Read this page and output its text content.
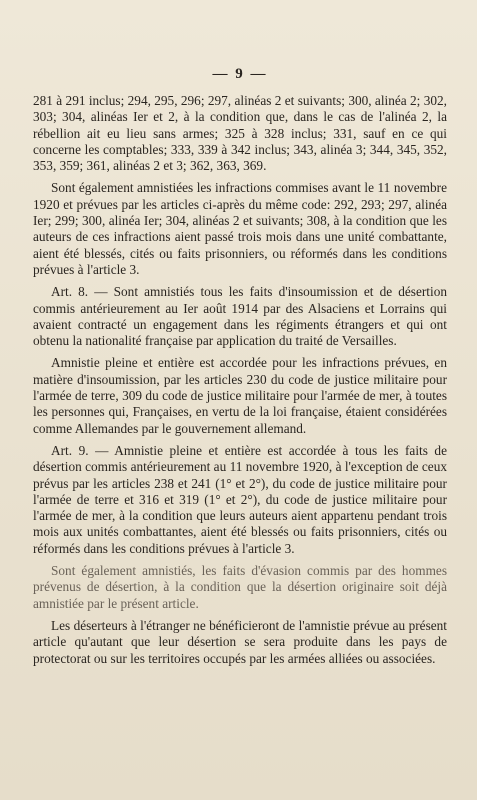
— 9 —

281 à 291 inclus; 294, 295, 296; 297, alinéas 2 et suivants; 300, alinéa 2; 302, 303; 304, alinéas Ier et 2, à la condition que, dans le cas de l'alinéa 2, la rébellion ait eu lieu sans armes; 325 à 328 inclus; 331, sauf en ce qui concerne les comptables; 333, 339 à 342 inclus; 343, alinéa 3; 344, 345, 352, 353, 359; 361, alinéas 2 et 3; 362, 363, 369.

Sont également amnistiées les infractions commises avant le 11 novembre 1920 et prévues par les articles ci-après du même code: 292, 293; 297, alinéa Ier; 299; 300, alinéa Ier; 304, alinéas 2 et suivants; 308, à la condition que les auteurs de ces infractions aient passé trois mois dans une unité combattante, aient été blessés, cités ou faits prisonniers, ou réformés dans les conditions prévues à l'article 3.

Art. 8. — Sont amnistiés tous les faits d'insoumission et de désertion commis antérieurement au Ier août 1914 par des Alsaciens et Lorrains qui avaient contracté un engagement dans les régiments étrangers et qui ont obtenu la nationalité française par application du traité de Versailles.

Amnistie pleine et entière est accordée pour les infractions prévues, en matière d'insoumission, par les articles 230 du code de justice militaire pour l'armée de terre, 309 du code de justice militaire pour l'armée de mer, à toutes les personnes qui, Françaises, en vertu de la loi française, étaient considérées comme Allemandes par le gouvernement allemand.

Art. 9. — Amnistie pleine et entière est accordée à tous les faits de désertion commis antérieurement au 11 novembre 1920, à l'exception de ceux prévus par les articles 238 et 241 (1° et 2°), du code de justice militaire pour l'armée de terre et 316 et 319 (1° et 2°), du code de justice militaire pour l'armée de mer, à la condition que leurs auteurs aient appartenu pendant trois mois aux unités combattantes, aient été blessés ou faits prisonniers, cités ou réformés dans les conditions prévues à l'article 3.

Sont également amnistiés, les faits d'évasion commis par des hommes prévenus de désertion, à la condition que la désertion originaire soit déjà amnistiée par le présent article.

Les déserteurs à l'étranger ne bénéficieront de l'amnistie prévue au présent article qu'autant que leur désertion se sera produite dans les pays de protectorat ou sur les territoires occupés par les armées alliées ou associées.
